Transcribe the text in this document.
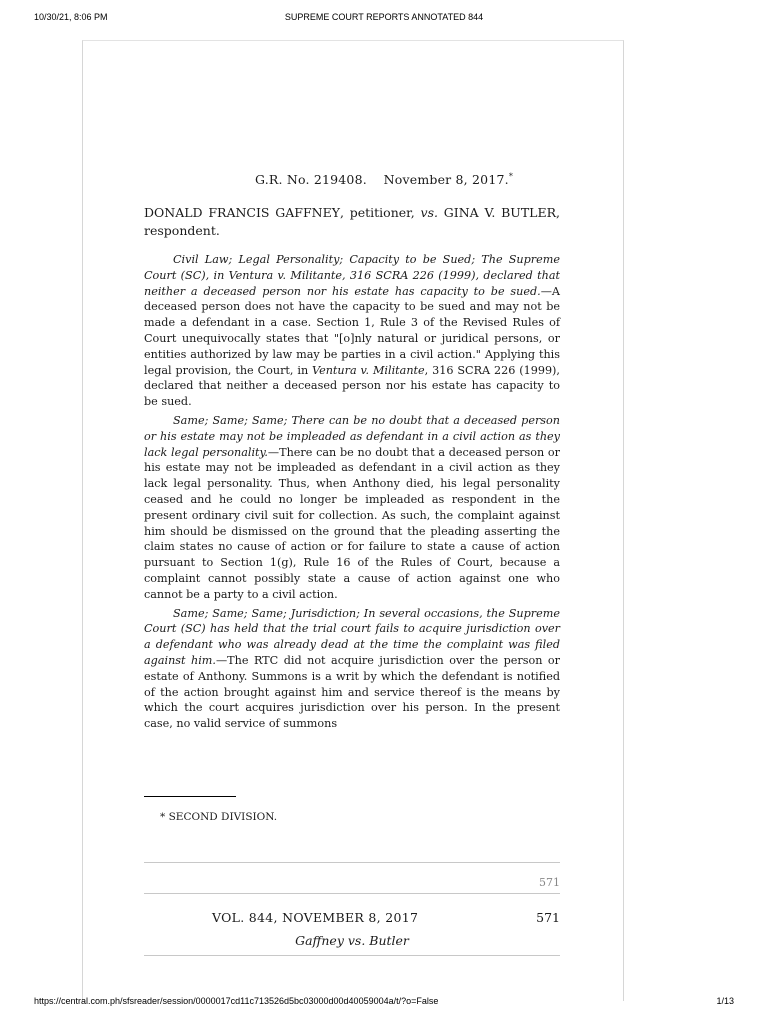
10/30/21, 8:06 PM	SUPREME COURT REPORTS ANNOTATED 844
G.R. No. 219408. November 8, 2017.*
DONALD FRANCIS GAFFNEY, petitioner, vs. GINA V. BUTLER, respondent.

Civil Law; Legal Personality; Capacity to be Sued; The Supreme Court (SC), in Ventura v. Militante, 316 SCRA 226 (1999), declared that neither a deceased person nor his estate has capacity to be sued.—A deceased person does not have the capacity to be sued and may not be made a defendant in a case. Section 1, Rule 3 of the Revised Rules of Court unequivocally states that "[o]nly natural or juridical persons, or entities authorized by law may be parties in a civil action." Applying this legal provision, the Court, in Ventura v. Militante, 316 SCRA 226 (1999), declared that neither a deceased person nor his estate has capacity to be sued.

Same; Same; Same; There can be no doubt that a deceased person or his estate may not be impleaded as defendant in a civil action as they lack legal personality.—There can be no doubt that a deceased person or his estate may not be impleaded as defendant in a civil action as they lack legal personality. Thus, when Anthony died, his legal personality ceased and he could no longer be impleaded as respondent in the present ordinary civil suit for collection. As such, the complaint against him should be dismissed on the ground that the pleading asserting the claim states no cause of action or for failure to state a cause of action pursuant to Section 1(g), Rule 16 of the Rules of Court, because a complaint cannot possibly state a cause of action against one who cannot be a party to a civil action.

Same; Same; Same; Jurisdiction; In several occasions, the Supreme Court (SC) has held that the trial court fails to acquire jurisdiction over a defendant who was already dead at the time the complaint was filed against him.—The RTC did not acquire jurisdiction over the person or estate of Anthony. Summons is a writ by which the defendant is notified of the action brought against him and service thereof is the means by which the court acquires jurisdiction over his person. In the present case, no valid service of summons

* SECOND DIVISION.
571
VOL. 844, NOVEMBER 8, 2017	571
Gaffney vs. Butler
https://central.com.ph/sfsreader/session/0000017cd11c713526d5bc03000d00d40059004a/t/?o=False	1/13
